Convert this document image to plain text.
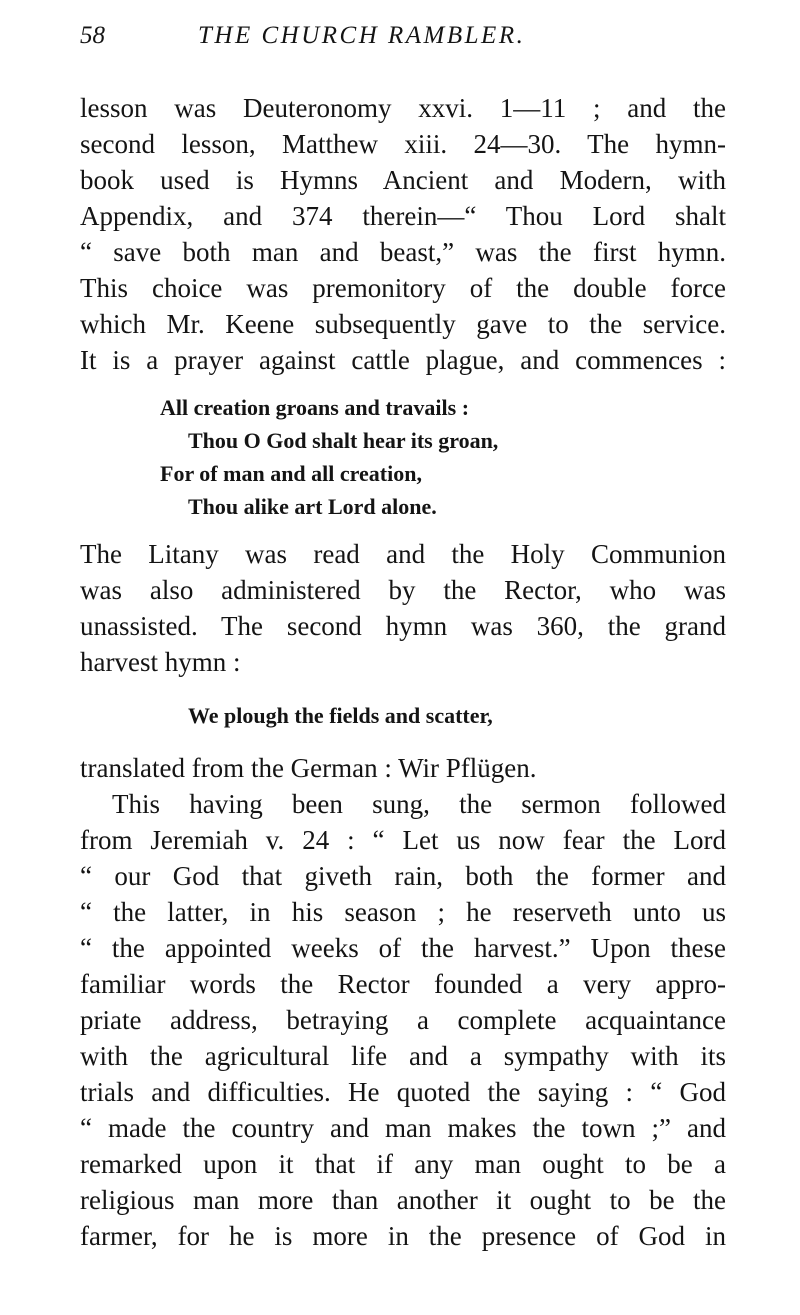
58	THE CHURCH RAMBLER.
lesson was Deuteronomy xxvi. 1—11 ; and the
second lesson, Matthew xiii. 24—30. The hymn-
book used is Hymns Ancient and Modern, with
Appendix, and 374 therein—“ Thou Lord shalt
“ save both man and beast,” was the first hymn.
This choice was premonitory of the double force
which Mr. Keene subsequently gave to the service.
It is a prayer against cattle plague, and commences :
All creation groans and travails :
Thou O God shalt hear its groan,
For of man and all creation,
Thou alike art Lord alone.
The Litany was read and the Holy Communion
was also administered by the Rector, who was
unassisted. The second hymn was 360, the grand
harvest hymn :
We plough the fields and scatter,
translated from the German : Wir Pflügen.
This having been sung, the sermon followed
from Jeremiah v. 24 : “ Let us now fear the Lord
“ our God that giveth rain, both the former and
“ the latter, in his season ; he reserveth unto us
“ the appointed weeks of the harvest.” Upon these
familiar words the Rector founded a very appro-
priate address, betraying a complete acquaintance
with the agricultural life and a sympathy with its
trials and difficulties. He quoted the saying : “ God
“ made the country and man makes the town ;” and
remarked upon it that if any man ought to be a
religious man more than another it ought to be the
farmer, for he is more in the presence of God in
